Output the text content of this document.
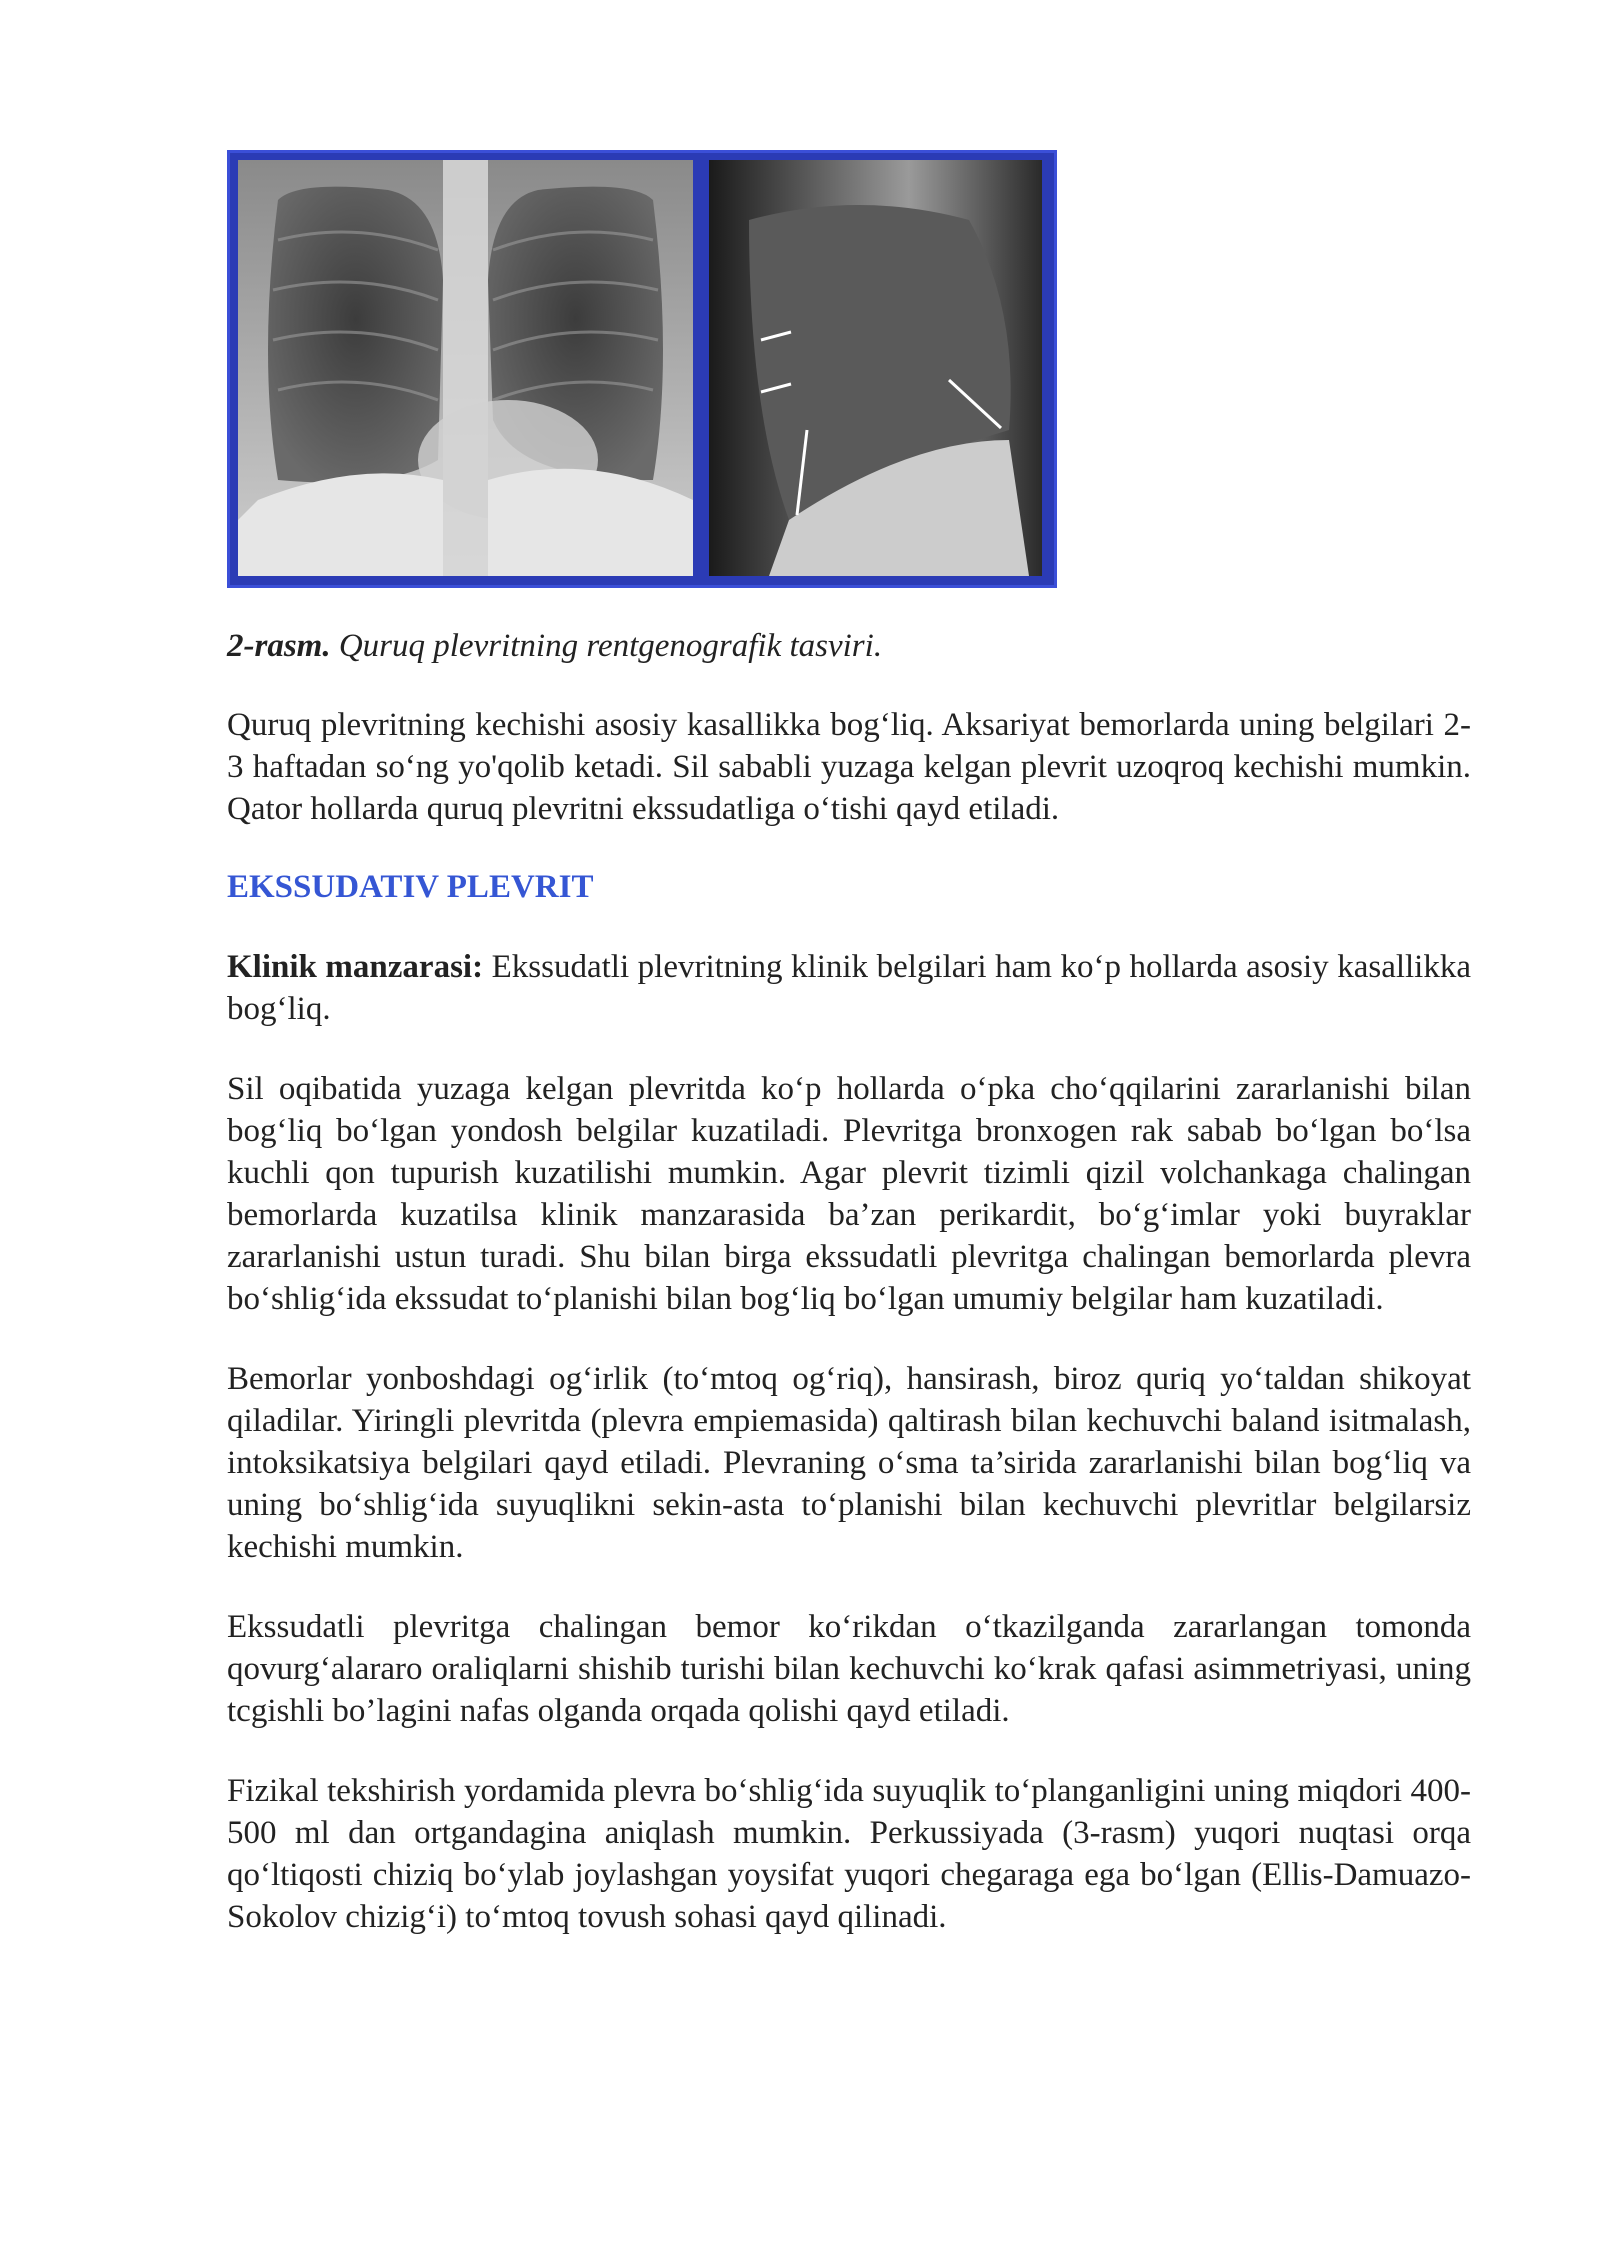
2-rasm. Quruq plevritning rentgenografik tasviri.

Quruq plevritning kechishi asosiy kasallikka bog‘liq. Aksariyat bemorlarda uning belgilari 2-3 haftadan so‘ng yo'qolib ketadi. Sil sababli yuzaga kelgan plevrit uzoqroq kechishi mumkin. Qator hollarda quruq plevritni ekssudatliga o‘tishi qayd etiladi.

EKSSUDATIV PLEVRIT

Klinik manzarasi: Ekssudatli plevritning klinik belgilari ham ko‘p hollarda asosiy kasallikka bog‘liq.

Sil oqibatida yuzaga kelgan plevritda ko‘p hollarda o‘pka cho‘qqilarini zararlanishi bilan bog‘liq bo‘lgan yondosh belgilar kuzatiladi. Plevritga bronxogen rak sabab bo‘lgan bo‘lsa kuchli qon tupurish kuzatilishi mumkin. Agar plevrit tizimli qizil volchankaga chalingan bemorlarda kuzatilsa klinik manzarasida ba’zan perikardit, bo‘g‘imlar yoki buyraklar zararlanishi ustun turadi. Shu bilan birga ekssudatli plevritga chalingan bemorlarda plevra bo‘shlig‘ida ekssudat to‘planishi bilan bog‘liq bo‘lgan umumiy belgilar ham kuzatiladi.

Bemorlar yonboshdagi og‘irlik (to‘mtoq og‘riq), hansirash, biroz quriq yo‘taldan shikoyat qiladilar. Yiringli plevritda (plevra empiemasida) qaltirash bilan kechuvchi baland isitmalash, intoksikatsiya belgilari qayd etiladi. Plevraning o‘sma ta’sirida zararlanishi bilan bog‘liq va uning bo‘shlig‘ida suyuqlikni sekin-asta to‘planishi bilan kechuvchi plevritlar belgilarsiz kechishi mumkin.

Ekssudatli plevritga chalingan bemor ko‘rikdan o‘tkazilganda zararlangan tomonda qovurg‘alararo oraliqlarni shishib turishi bilan kechuvchi ko‘krak qafasi asimmetriyasi, uning tcgishli bo’lagini nafas olganda orqada qolishi qayd etiladi.

Fizikal tekshirish yordamida plevra bo‘shlig‘ida suyuqlik to‘planganligini uning miqdori 400-500 ml dan ortgandagina aniqlash mumkin. Perkussiyada (3-rasm) yuqori nuqtasi orqa qo‘ltiqosti chiziq bo‘ylab joylashgan yoysifat yuqori chegaraga ega bo‘lgan (Ellis-Damuazo-Sokolov chizig‘i) to‘mtoq tovush sohasi qayd qilinadi.
